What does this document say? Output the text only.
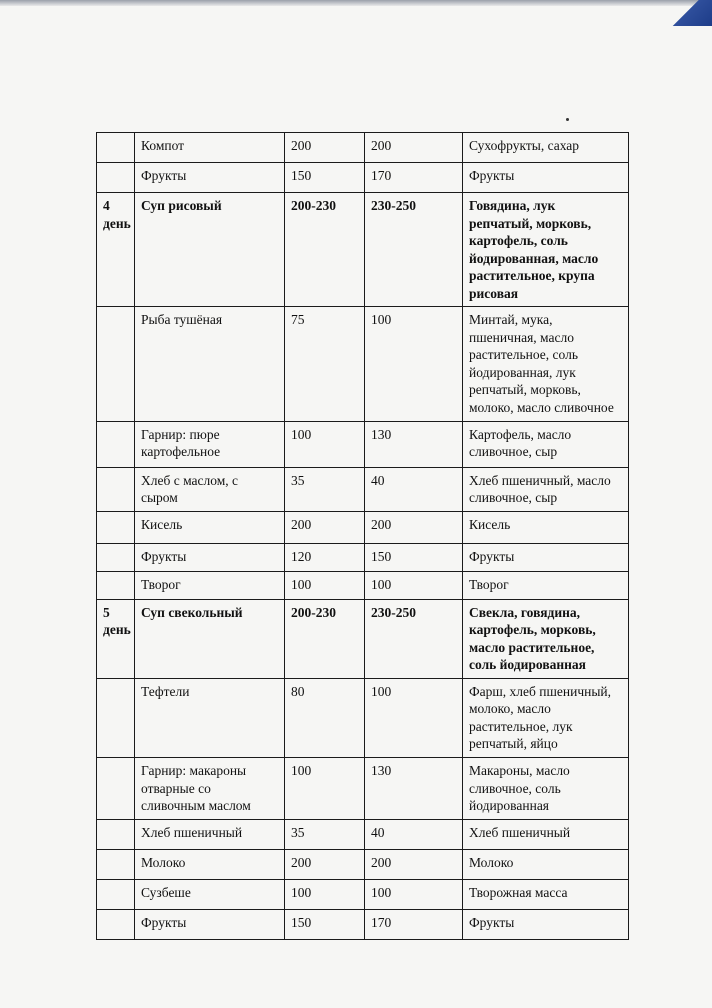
	Компот	200	200	Сухофрукты, сахар
	Фрукты	150	170	Фрукты
4 день	Суп рисовый	200-230	230-250	Говядина, лук репчатый, морковь, картофель, соль йодированная, масло растительное, крупа рисовая
	Рыба тушёная	75	100	Минтай, мука, пшеничная, масло растительное, соль йодированная, лук репчатый, морковь, молоко, масло сливочное
	Гарнир: пюре картофельное	100	130	Картофель, масло сливочное, сыр
	Хлеб с маслом, с сыром	35	40	Хлеб пшеничный, масло сливочное, сыр
	Кисель	200	200	Кисель
	Фрукты	120	150	Фрукты
	Творог	100	100	Творог
5 день	Суп свекольный	200-230	230-250	Свекла, говядина, картофель, морковь, масло растительное, соль йодированная
	Тефтели	80	100	Фарш, хлеб пшеничный, молоко, масло растительное, лук репчатый, яйцо
	Гарнир: макароны отварные со сливочным маслом	100	130	Макароны, масло сливочное, соль йодированная
	Хлеб пшеничный	35	40	Хлеб пшеничный
	Молоко	200	200	Молоко
	Сузбеше	100	100	Творожная масса
	Фрукты	150	170	Фрукты
